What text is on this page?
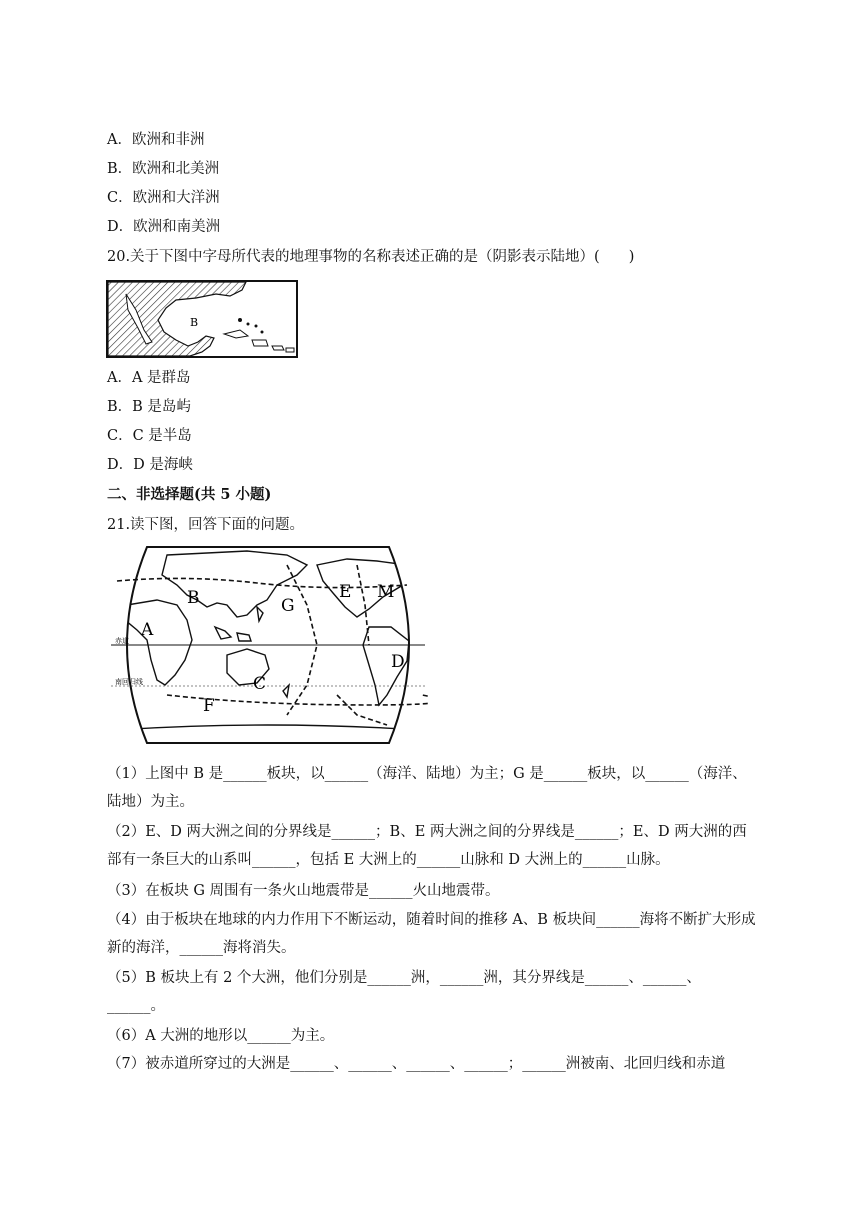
A．欧洲和非洲
B．欧洲和北美洲
C．欧洲和大洋洲
D．欧洲和南美洲
20.关于下图中字母所代表的地理事物的名称表述正确的是（阴影表示陆地）(　　)
B
A．A 是群岛
B．B 是岛屿
C．C 是半岛
D．D 是海峡
二、非选择题(共 5 小题)
21.读下图，回答下面的问题。
赤道
南回归线
A
B
C
D
E
F
G
M
（1）上图中 B 是______板块，以______（海洋、陆地）为主；G 是______板块，以______（海洋、陆地）为主。
（2）E、D 两大洲之间的分界线是______；B、E 两大洲之间的分界线是______；E、D 两大洲的西部有一条巨大的山系叫______，包括 E 大洲上的______山脉和 D 大洲上的______山脉。
（3）在板块 G 周围有一条火山地震带是______火山地震带。
（4）由于板块在地球的内力作用下不断运动，随着时间的推移 A、B 板块间______海将不断扩大形成新的海洋，______海将消失。
（5）B 板块上有 2 个大洲，他们分别是______洲，______洲，其分界线是______、______、______。
（6）A 大洲的地形以______为主。
（7）被赤道所穿过的大洲是______、______、______、______；______洲被南、北回归线和赤道
